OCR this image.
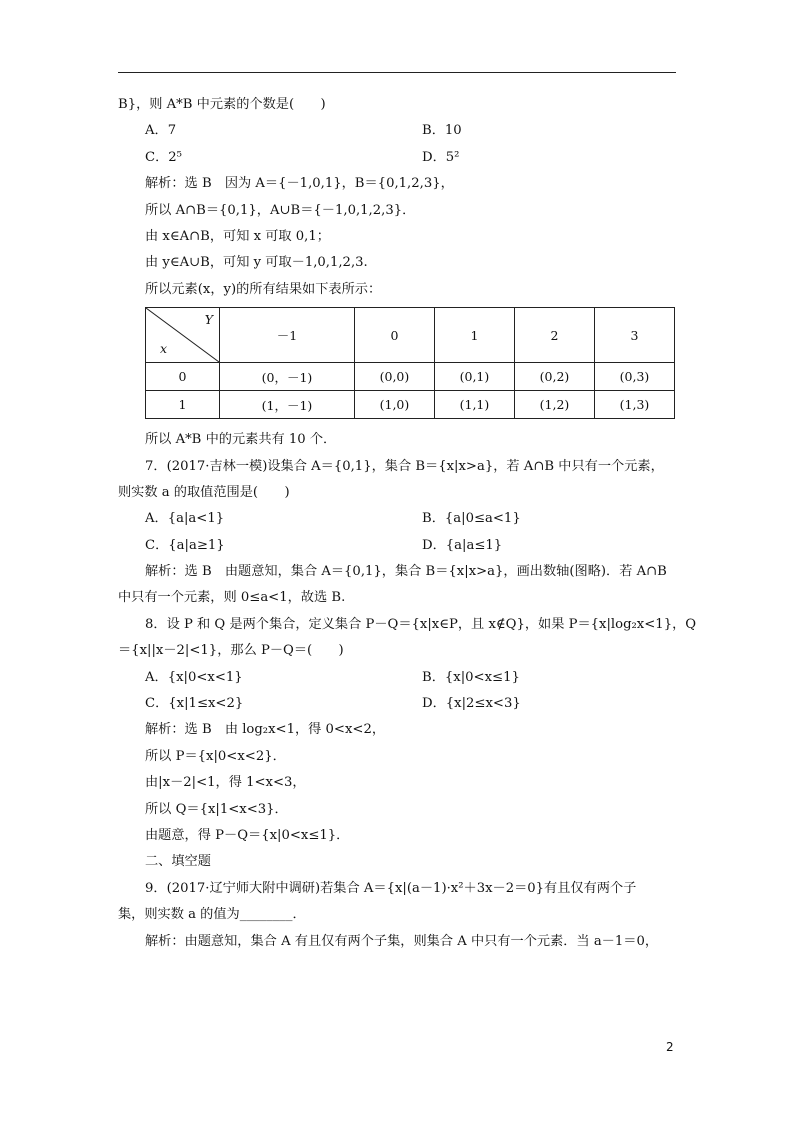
B}，则 A*B 中元素的个数是(　　)
A．7	B．10
C．2⁵	D．5²
解析：选 B　因为 A＝{－1,0,1}，B＝{0,1,2,3}，
所以 A∩B＝{0,1}，A∪B＝{－1,0,1,2,3}．
由 x∈A∩B，可知 x 可取 0,1；
由 y∈A∪B，可知 y 可取－1,0,1,2,3.
所以元素(x，y)的所有结果如下表所示：
Y
x	－1	0	1	2	3
0	(0，－1)	(0,0)	(0,1)	(0,2)	(0,3)
1	(1，－1)	(1,0)	(1,1)	(1,2)	(1,3)
所以 A*B 中的元素共有 10 个．
7．(2017·吉林一模)设集合 A＝{0,1}，集合 B＝{x|x>a}，若 A∩B 中只有一个元素，
则实数 a 的取值范围是(　　)
A．{a|a<1}	B．{a|0≤a<1}
C．{a|a≥1}	D．{a|a≤1}
解析：选 B　由题意知，集合 A＝{0,1}，集合 B＝{x|x>a}，画出数轴(图略)．若 A∩B
中只有一个元素，则 0≤a<1，故选 B.
8．设 P 和 Q 是两个集合，定义集合 P－Q＝{x|x∈P，且 x∉Q}，如果 P＝{x|log₂x<1}，Q
＝{x||x－2|<1}，那么 P－Q＝(　　)
A．{x|0<x<1}	B．{x|0<x≤1}
C．{x|1≤x<2}	D．{x|2≤x<3}
解析：选 B　由 log₂x<1，得 0<x<2，
所以 P＝{x|0<x<2}．
由|x－2|<1，得 1<x<3，
所以 Q＝{x|1<x<3}．
由题意，得 P－Q＝{x|0<x≤1}．
二、填空题
9．(2017·辽宁师大附中调研)若集合 A＝{x|(a－1)·x²＋3x－2＝0}有且仅有两个子
集，则实数 a 的值为________．
解析：由题意知，集合 A 有且仅有两个子集，则集合 A 中只有一个元素．当 a－1＝0，
2
